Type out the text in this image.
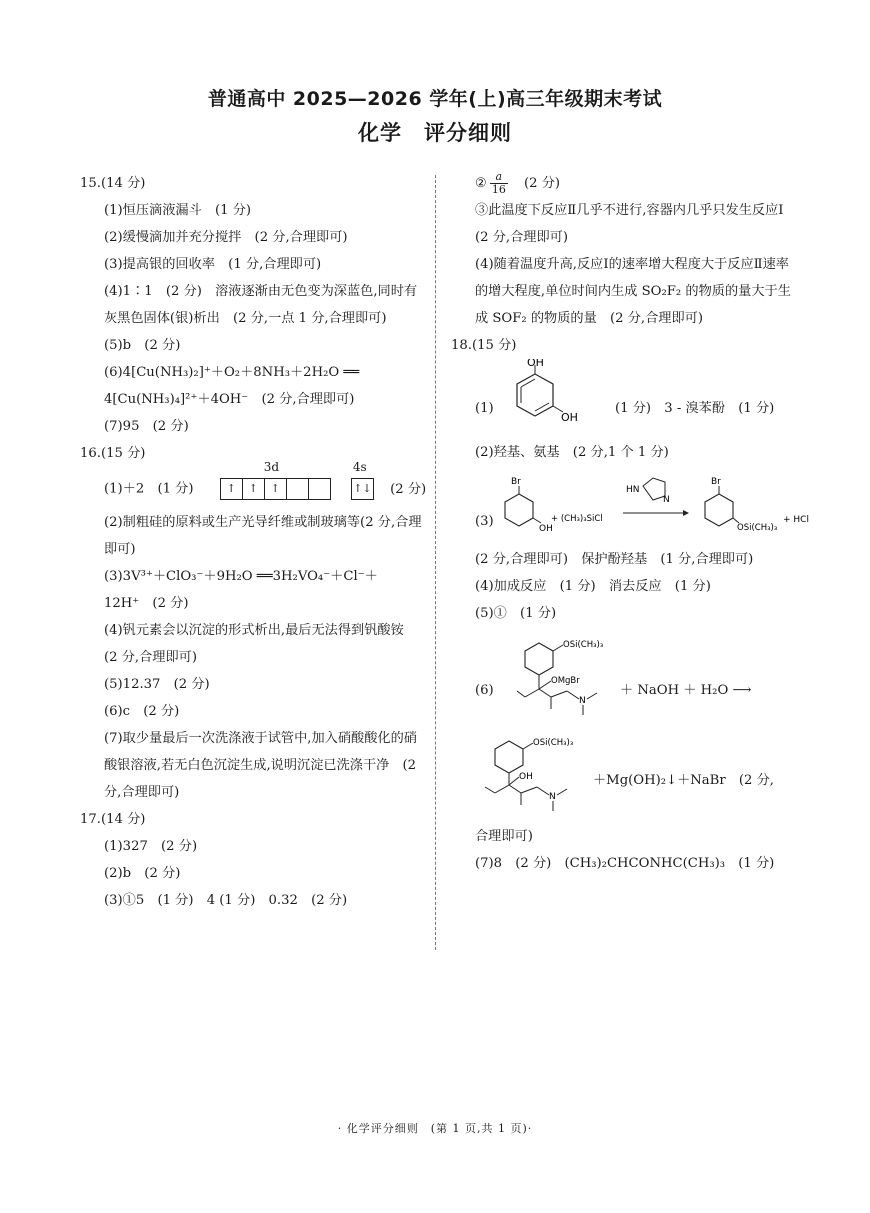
普通高中 2025—2026 学年(上)高三年级期末考试
化学　评分细则
15.(14 分)
(1)恒压滴液漏斗　(1 分)
(2)缓慢滴加并充分搅拌　(2 分,合理即可)
(3)提高银的回收率　(1 分,合理即可)
(4)1∶1　(2 分)　溶液逐渐由无色变为深蓝色,同时有灰黑色固体(银)析出　(2 分,一点 1 分,合理即可)
(5)b　(2 分)
(6)4[Cu(NH₃)₂]⁺＋O₂＋8NH₃＋2H₂O ══
4[Cu(NH₃)₄]²⁺＋4OH⁻　(2 分,合理即可)
(7)95　(2 分)
16.(15 分)
(1)＋2　(1 分)
3d
↑ ↑ ↑
4s
↑↓ (2 分)
(2)制粗硅的原料或生产光导纤维或制玻璃等(2 分,合理即可)
(3)3V³⁺＋ClO₃⁻＋9H₂O ══3H₂VO₄⁻＋Cl⁻＋
12H⁺　(2 分)
(4)钒元素会以沉淀的形式析出,最后无法得到钒酸铵　(2 分,合理即可)
(5)12.37　(2 分)
(6)c　(2 分)
(7)取少量最后一次洗涤液于试管中,加入硝酸酸化的硝酸银溶液,若无白色沉淀生成,说明沉淀已洗涤干净　(2 分,合理即可)
17.(14 分)
(1)327　(2 分)
(2)b　(2 分)
(3)①5　(1 分)　4 (1 分)　0.32　(2 分)
② $\frac{a}{16}$
　 (2 分)
③此温度下反应Ⅱ几乎不进行,容器内几乎只发生反应Ⅰ　(2 分,合理即可)
(4)随着温度升高,反应Ⅰ的速率增大程度大于反应Ⅱ速率的增大程度,单位时间内生成 SO₂F₂ 的物质的量大于生成 SOF₂ 的物质的量　(2 分,合理即可)
18.(15 分)
(1)
OH
OH
(1 分)　3 - 溴苯酚　(1 分)
(2)羟基、氨基　(2 分,1 个 1 分)
(3)
Br
OH
+ (CH₃)₃SiCl
HN
N
Br
OSi(CH₃)₃
+ HCl
(2 分,合理即可)　保护酚羟基　(1 分,合理即可)
(4)加成反应　(1 分)　消去反应　(1 分)
(5)①　(1 分)
(6)
OSi(CH₃)₃
OMgBr
N
＋ NaOH ＋ H₂O ⟶
OSi(CH₃)₃
OH
N
＋Mg(OH)₂↓＋NaBr　(2 分,
合理即可)
(7)8　(2 分)　(CH₃)₂CHCONHC(CH₃)₃　(1 分)
· 化学评分细则　(第 1 页,共 1 页)·
